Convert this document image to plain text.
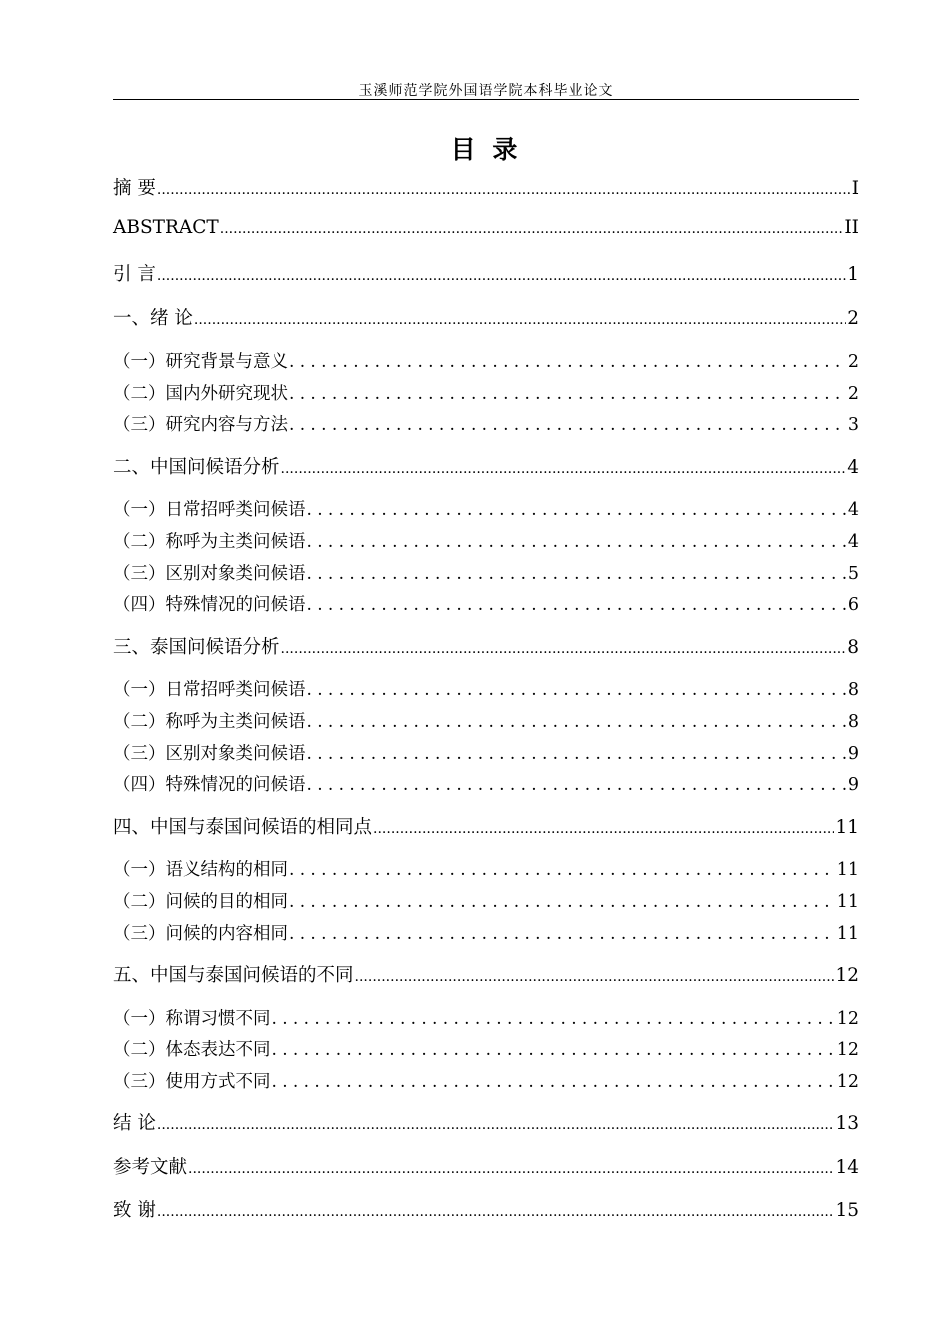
玉溪师范学院外国语学院本科毕业论文
目 录
摘 要 .....	I
ABSTRACT .....	II
引 言 .....	1
一、绪 论 .....	2
（一）研究背景与意义 .....	2
（二）国内外研究现状 .....	2
（三）研究内容与方法 .....	3
二、中国问候语分析 .....	4
（一）日常招呼类问候语 .....	4
（二）称呼为主类问候语 .....	4
（三）区别对象类问候语 .....	5
（四）特殊情况的问候语 .....	6
三、泰国问候语分析 .....	8
（一）日常招呼类问候语 .....	8
（二）称呼为主类问候语 .....	8
（三）区别对象类问候语 .....	9
（四）特殊情况的问候语 .....	9
四、中国与泰国问候语的相同点 .....	11
（一）语义结构的相同 .....	11
（二）问候的目的相同 .....	11
（三）问候的内容相同 .....	11
五、中国与泰国问候语的不同 .....	12
（一）称谓习惯不同 .....	12
（二）体态表达不同 .....	12
（三）使用方式不同 .....	12
结 论 .....	13
参考文献 .....	14
致 谢 .....	15
